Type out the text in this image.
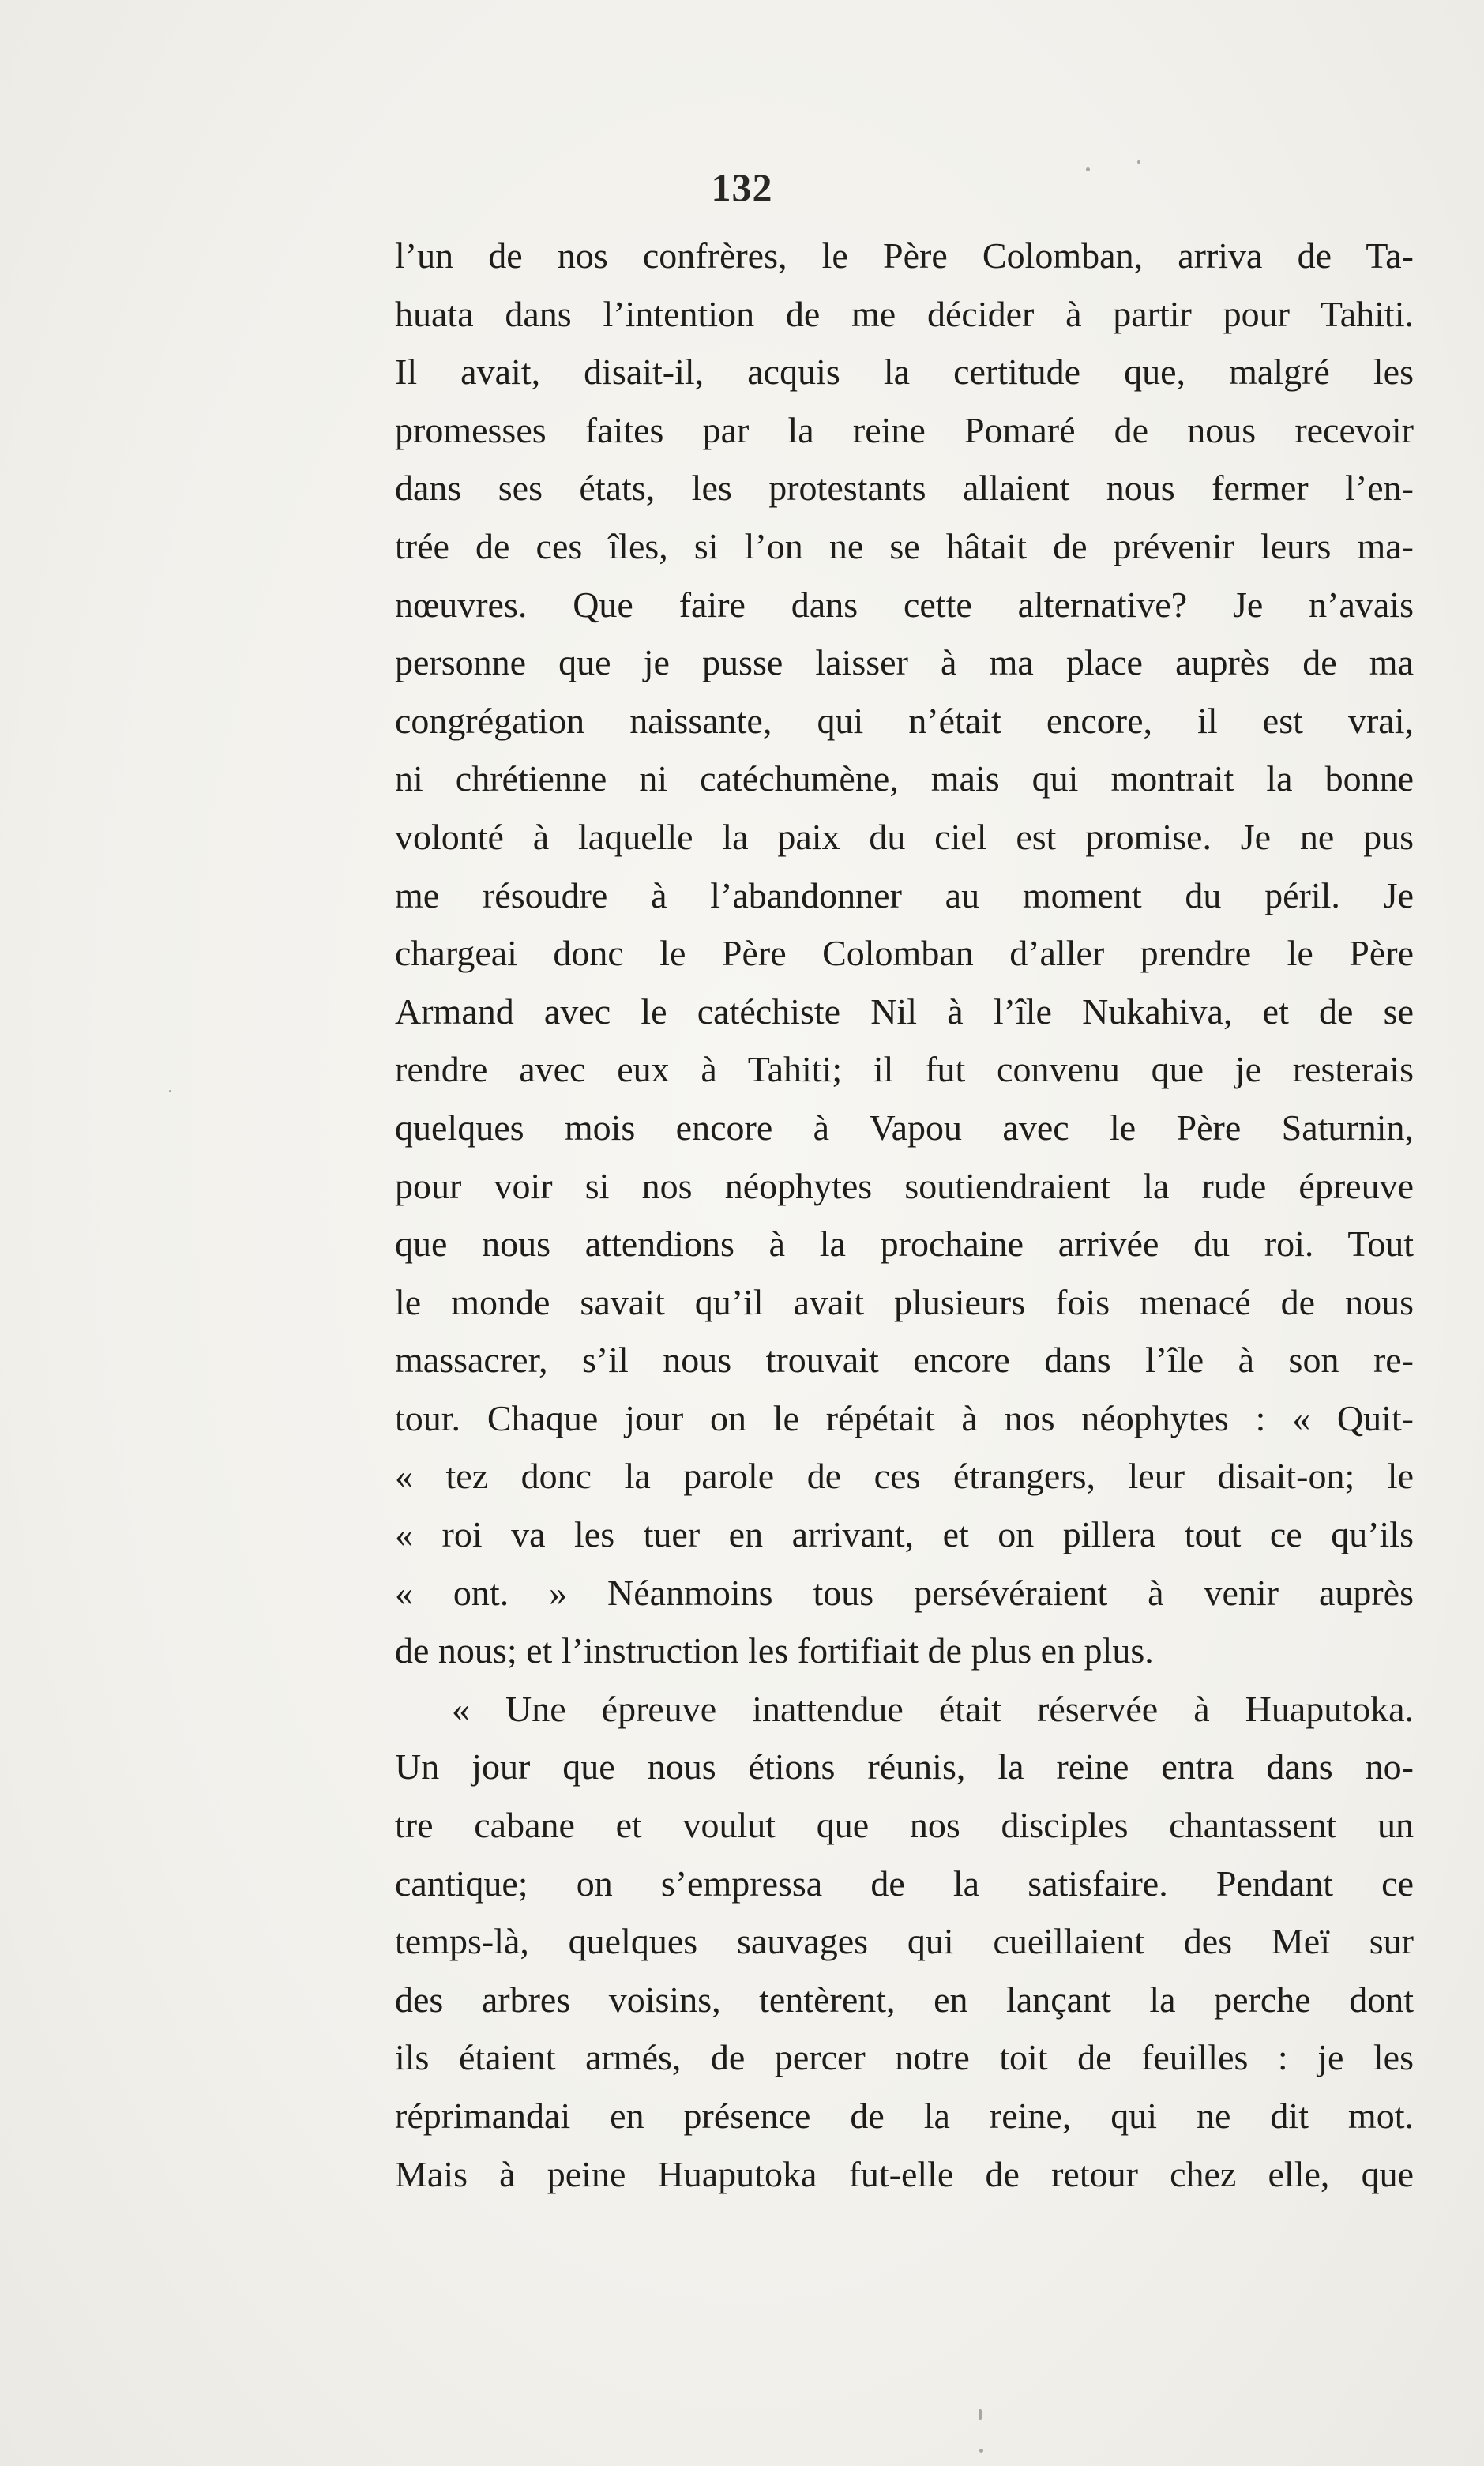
132
l’un de nos confrères, le Père Colomban, arriva de Ta-
huata dans l’intention de me décider à partir pour Tahiti.
Il avait, disait-il, acquis la certitude que, malgré les
promesses faites par la reine Pomaré de nous recevoir
dans ses états, les protestants allaient nous fermer l’en-
trée de ces îles, si l’on ne se hâtait de prévenir leurs ma-
nœuvres. Que faire dans cette alternative? Je n’avais
personne que je pusse laisser à ma place auprès de ma
congrégation naissante, qui n’était encore, il est vrai,
ni chrétienne ni catéchumène, mais qui montrait la bonne
volonté à laquelle la paix du ciel est promise. Je ne pus
me résoudre à l’abandonner au moment du péril. Je
chargeai donc le Père Colomban d’aller prendre le Père
Armand avec le catéchiste Nil à l’île Nukahiva, et de se
rendre avec eux à Tahiti; il fut convenu que je resterais
quelques mois encore à Vapou avec le Père Saturnin,
pour voir si nos néophytes soutiendraient la rude épreuve
que nous attendions à la prochaine arrivée du roi. Tout
le monde savait qu’il avait plusieurs fois menacé de nous
massacrer, s’il nous trouvait encore dans l’île à son re-
tour. Chaque jour on le répétait à nos néophytes : « Quit-
« tez donc la parole de ces étrangers, leur disait-on; le
« roi va les tuer en arrivant, et on pillera tout ce qu’ils
« ont. » Néanmoins tous persévéraient à venir auprès
de nous; et l’instruction les fortifiait de plus en plus.
« Une épreuve inattendue était réservée à Huaputoka.
Un jour que nous étions réunis, la reine entra dans no-
tre cabane et voulut que nos disciples chantassent un
cantique; on s’empressa de la satisfaire. Pendant ce
temps-là, quelques sauvages qui cueillaient des Meï sur
des arbres voisins, tentèrent, en lançant la perche dont
ils étaient armés, de percer notre toit de feuilles : je les
réprimandai en présence de la reine, qui ne dit mot.
Mais à peine Huaputoka fut-elle de retour chez elle, que
